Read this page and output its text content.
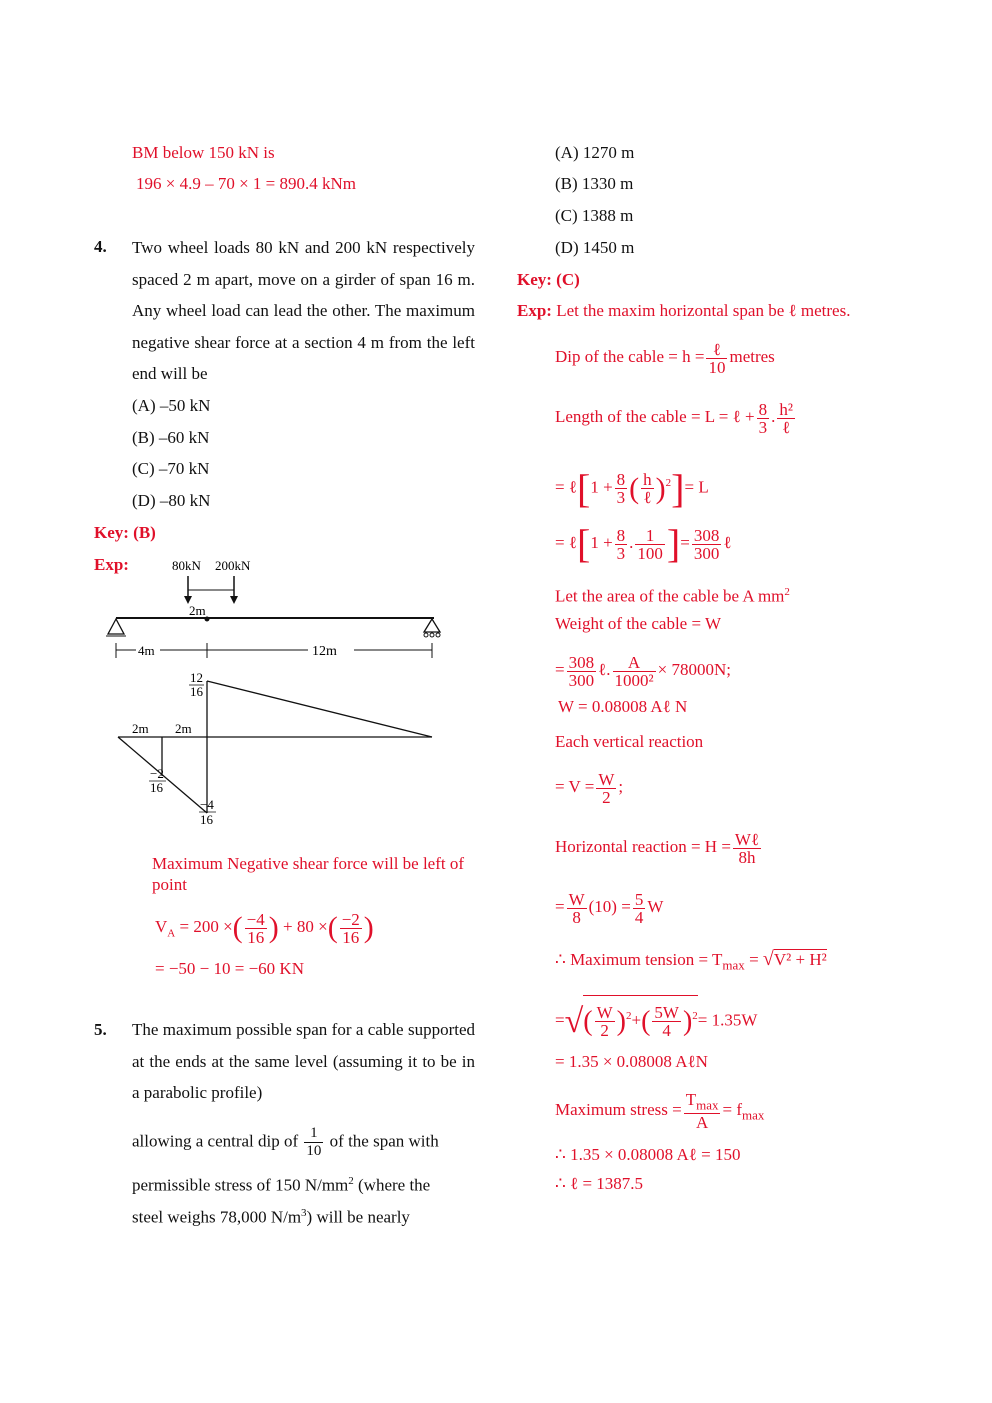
BM below 150 kN is
196 × 4.9 – 70 × 1 = 890.4 kNm
4. Two wheel loads 80 kN and 200 kN respectively spaced 2 m apart, move on a girder of span 16 m. Any wheel load can lead the other. The maximum negative shear force at a section 4 m from the left end will be
(A) –50 kN
(B) –60 kN
(C) –70 kN
(D) –80 kN
Key: (B)
Exp:	80kN 200kN
2m
4m	12m
12
16
2m 2m
−2
16
−4
16
Maximum Negative shear force will be left of point
$V_A = 200$ ×( $\frac{-4}{16}$ ) + 80 ×( $\frac{-2}{16}$ )
= −50 − 10 = −60 KN
5. The maximum possible span for a cable supported at the ends at the same level (assuming it to be in a parabolic profile)
allowing a central dip of $\frac{1}{10}$ of the span with
permissible stress of 150 $N/mm^2$ (where the
steel weighs 78,000 $N/m^3$) will be nearly
(A) 1270 m
(B) 1330 m
(C) 1388 m
(D) 1450 m
Key: (C)
Exp: Let the maxim horizontal span be ℓ metres.
Dip of the cable = $h = \frac{\text{ℓ}}{10}$ metres
Length of the cable = L = ℓ + $\frac{8}{3}$ . $\frac{\text{h²}}{\text{ℓ}}$
= ℓ[1 + $\frac{8}{3}$ ( $\frac{h}{\text{ℓ}} )^2]= L$
= ℓ[1 + $\frac{8}{3}$ . $\frac{1}{100}$ ]= $\frac{308}{300}$ ℓ
Let the area of the cable be A $mm^2$
Weight of the cable = W
= $\frac{308}{300}$ ℓ. $\frac{A}{\text{1000²}} \times 78000N$;
W = 0.08008 Aℓ N
Each vertical reaction
= $V = \frac{W}{2}$ ;
Horizontal reaction = $H = \frac{\text{Wℓ}}{8h}$
= $\frac{W}{8} (10) = \frac{5}{4}$ W
∴ Maximum tension = $T_{max} = √V^2 + H^2$
=√( $\frac{W}{2} )^2+( \frac{5W}{4} )^2= 1.35W$
= 1.35 × 0.08008 AℓN
Maximum stress = $\frac{T_{max}}{A} = f_{max}$
∴ 1.35 × 0.08008 Aℓ = 150
∴ ℓ = 1387.5
